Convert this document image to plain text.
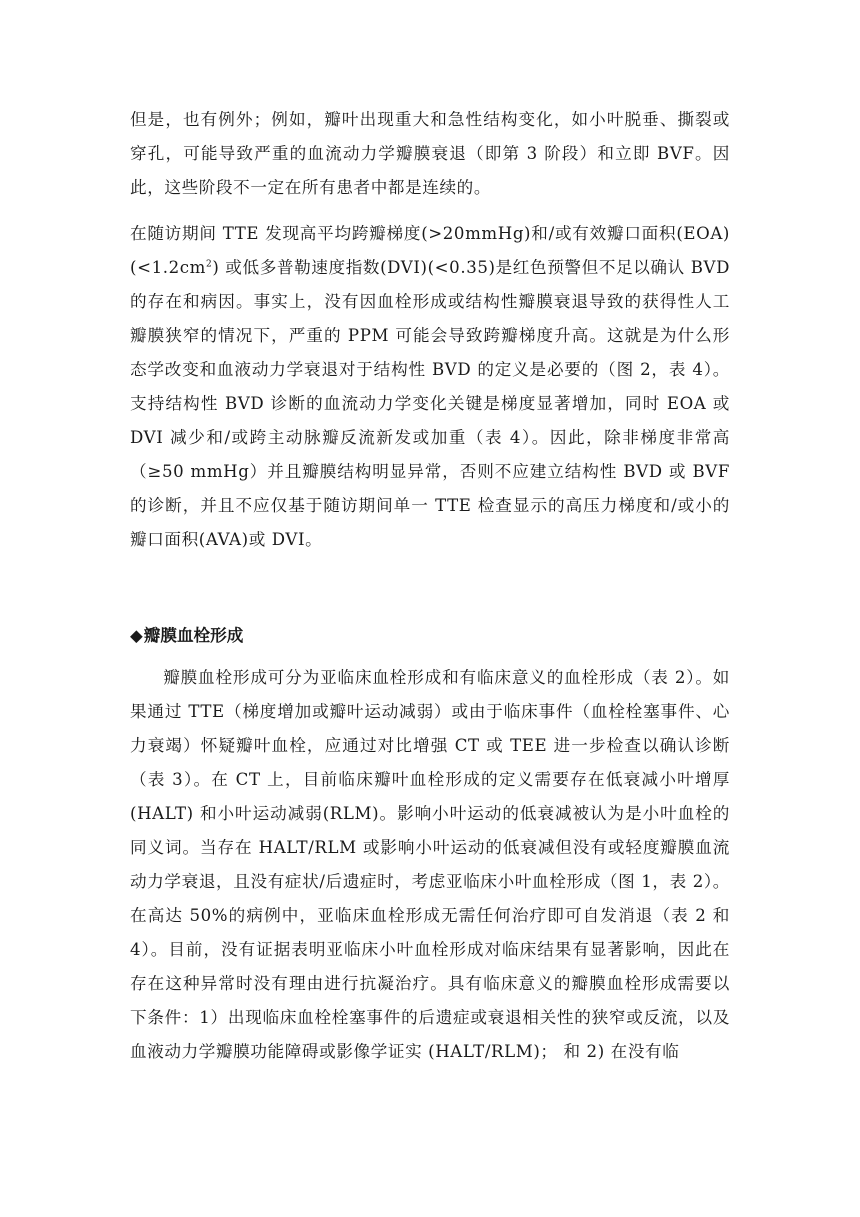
但是，也有例外；例如，瓣叶出现重大和急性结构变化，如小叶脱垂、撕裂或穿孔，可能导致严重的血流动力学瓣膜衰退（即第 3 阶段）和立即 BVF。因此，这些阶段不一定在所有患者中都是连续的。

在随访期间 TTE 发现高平均跨瓣梯度(>20mmHg)和/或有效瓣口面积(EOA) $(<1.2cm^2)$ 或低多普勒速度指数(DVI)(<0.35)是红色预警但不足以确认 BVD 的存在和病因。事实上，没有因血栓形成或结构性瓣膜衰退导致的获得性人工瓣膜狭窄的情况下，严重的 PPM 可能会导致跨瓣梯度升高。这就是为什么形态学改变和血液动力学衰退对于结构性 BVD 的定义是必要的（图 2，表 4）。支持结构性 BVD 诊断的血流动力学变化关键是梯度显著增加，同时 EOA 或 DVI 减少和/或跨主动脉瓣反流新发或加重（表 4）。因此，除非梯度非常高（≥50 mmHg）并且瓣膜结构明显异常，否则不应建立结构性 BVD 或 BVF 的诊断，并且不应仅基于随访期间单一 TTE 检查显示的高压力梯度和/或小的瓣口面积(AVA)或 DVI。

◆瓣膜血栓形成

瓣膜血栓形成可分为亚临床血栓形成和有临床意义的血栓形成（表 2）。如果通过 TTE（梯度增加或瓣叶运动减弱）或由于临床事件（血栓栓塞事件、心力衰竭）怀疑瓣叶血栓，应通过对比增强 CT 或 TEE 进一步检查以确认诊断（表 3）。在 CT 上，目前临床瓣叶血栓形成的定义需要存在低衰减小叶增厚(HALT) 和小叶运动减弱(RLM)。影响小叶运动的低衰减被认为是小叶血栓的同义词。当存在 HALT/RLM 或影响小叶运动的低衰减但没有或轻度瓣膜血流动力学衰退，且没有症状/后遗症时，考虑亚临床小叶血栓形成（图 1，表 2）。在高达 50%的病例中，亚临床血栓形成无需任何治疗即可自发消退（表 2 和 4）。目前，没有证据表明亚临床小叶血栓形成对临床结果有显著影响，因此在存在这种异常时没有理由进行抗凝治疗。具有临床意义的瓣膜血栓形成需要以下条件：1）出现临床血栓栓塞事件的后遗症或衰退相关性的狭窄或反流，以及血液动力学瓣膜功能障碍或影像学证实 (HALT/RLM)； 和 2) 在没有临
